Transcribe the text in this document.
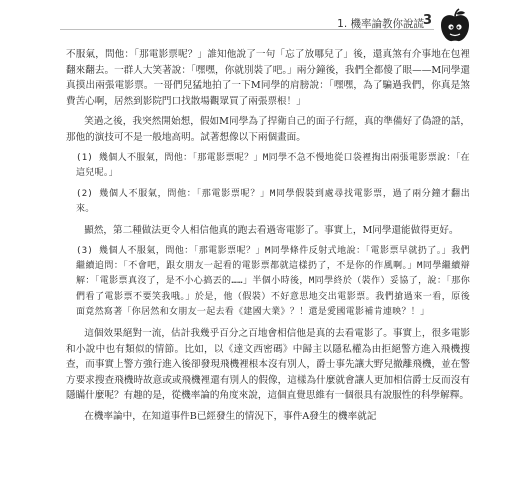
1. 機率論教你說謊
3

不服氣，問他：「那電影票呢？」誰知他說了一句「忘了放哪兒了」後，還真煞有介事地在包裡翻來翻去。一群人大笑著說：「嘿嘿，你就別裝了吧。」兩分鐘後，我們全都傻了眼——M同學還真摸出兩張電影票。一哥們兒猛地拍了一下M同學的肩膀說：「嘿嘿，為了騙過我們，你真是煞費苦心啊，居然到影院門口找散場觀眾買了兩張票根！」

笑過之後，我突然開始想，假如M同學為了捍衛自己的面子行經，真的準備好了偽證的話，那他的演技可不是一般地高明。試著想像以下兩個畫面。

(1) 幾個人不服氣，問他：「那電影票呢？」M同學不急不慢地從口袋裡掏出兩張電影票說：「在這兒呢。」

(2) 幾個人不服氣，問他：「那電影票呢？」M同學假裝到處尋找電影票，過了兩分鐘才翻出來。

顯然，第二種做法更令人相信他真的跑去看過寄電影了。事實上，M同學還能做得更好。

(3) 幾個人不服氣，問他：「那電影票呢？」M同學條件反射式地說：「電影票早就扔了。」我們繼續追問：「不會吧，跟女朋友一起看的電影票都就這樣扔了，不是你的作風啊。」M同學繼續辯解：「電影票真沒了，是不小心搞丟的……」半個小時後，M同學終於（裝作）妥協了，說：「那你們看了電影票不要笑我哦。」於是，他（假裝）不好意思地交出電影票。我們搶過來一看，原後面竟然寫著「你居然和女朋友一起去看《建國大業》？！還是愛國電影補肯連映？！」

這個效果絕對一流，估計我幾乎百分之百地會相信他是真的去看電影了。事實上，很多電影和小說中也有類似的情節。比如，以《達文西密碼》中歸主以隱私權為由拒絕警方進入飛機搜查，而事實上警方強行進入後卻發現飛機裡根本沒有別人，爵士事先讓大野兒撤離飛機，並在警方要求搜查飛機時故意或或飛機裡還有別人的假像，這樣為什麼就會讓人更加相信爵士反而沒有隱瞞什麼呢？有趣的是，從機率論的角度來說，這個直覺思維有一個很具有說服性的科學解釋。

在機率論中，在知道事件B已經發生的情況下，事件A發生的機率就記
